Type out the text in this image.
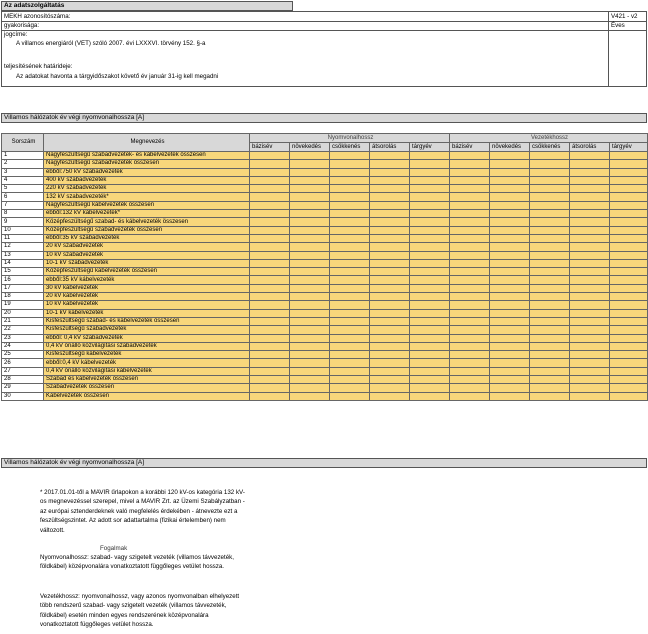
Az adatszolgáltatás
MEKH azonosítószáma:	V421 - v2
gyakorisága:	Éves
jogcíme:
A villamos energiáról (VET) szóló 2007. évi LXXXVI. törvény 152. §-a
teljesítésének határideje:
Az adatokat havonta a tárgyidőszakot követő év január 31-ig kell megadni
Villamos hálózatok év végi nyomvonalhossza [A]
Sorszám	Megnevezés	Nyomvonalhossz					Vezetékhossz				
		bázisév	növekedés	csökkenés	átsorolás	tárgyév	bázisév	növekedés	csökkenés	átsorolás	tárgyév
1	Nagyfeszültségű szabadvezeték- és kábelvezeték összesen										
2	Nagyfeszültségű szabadvezeték összesen										
3	ebből:750 kV szabadvezeték										
4	400 kV szabadvezeték										
5	220 kV szabadvezeték										
6	132 kV szabadvezeték*										
7	Nagyfeszültségű kábelvezeték összesen										
8	ebből:132 kV kábelvezeték*										
9	Középfeszültségű szabad- és kábelvezeték összesen										
10	Középfeszültségű szabadvezeték összesen										
11	ebből:35 kV szabadvezeték										
12	20 kV szabadvezeték										
13	10 kV szabadvezeték										
14	10-1 kV szabadvezeték										
15	Középfeszültségű kábelvezeték összesen										
16	ebből:35 kV kábelvezeték										
17	30 kV kábelvezeték										
18	20 kV kábelvezeték										
19	10 kV kábelvezeték										
20	10-1 kV kábelvezeték										
21	Kisfeszültségű szabad- és kábelvezeték összesen										
22	Kisfeszültségű szabadvezeték										
23	ebből: 0,4 kV szabadvezeték										
24	0,4 kV önálló közvilágítási szabadvezeték										
25	Kisfeszültségű kábelvezeték										
26	ebből:0,4 kV kábelvezeték										
27	0,4 kV önálló közvilágítási kábelvezeték										
28	Szabad és kábelvezeték összesen										
29	Szabadvezeték összesen										
30	Kábelvezeték összesen										
Villamos hálózatok év végi nyomvonalhossza [A]
* 2017.01.01-től a MAVIR űrlapokon a korábbi 120 kV-os kategória 132 kV-os megnevezéssel szerepel, mivel a MAVIR Zrt. az Üzemi Szabályzatban - az európai sztenderdeknek való megfelelés érdekében - átnevezte ezt a feszültségszintet. Az adott sor adattartalma (fizikai értelemben) nem változott.
Fogalmak
Nyomvonalhossz: szabad- vagy szigetelt vezeték (villamos távvezeték, földkábel) középvonalára vonatkoztatott függőleges vetület hossza.
Vezetékhossz: nyomvonalhossz, vagy azonos nyomvonalban elhelyezett több rendszerű szabad- vagy szigetelt vezeték (villamos távvezeték, földkábel) esetén minden egyes rendszerének középvonalára vonatkoztatott függőleges vetület hossza.
